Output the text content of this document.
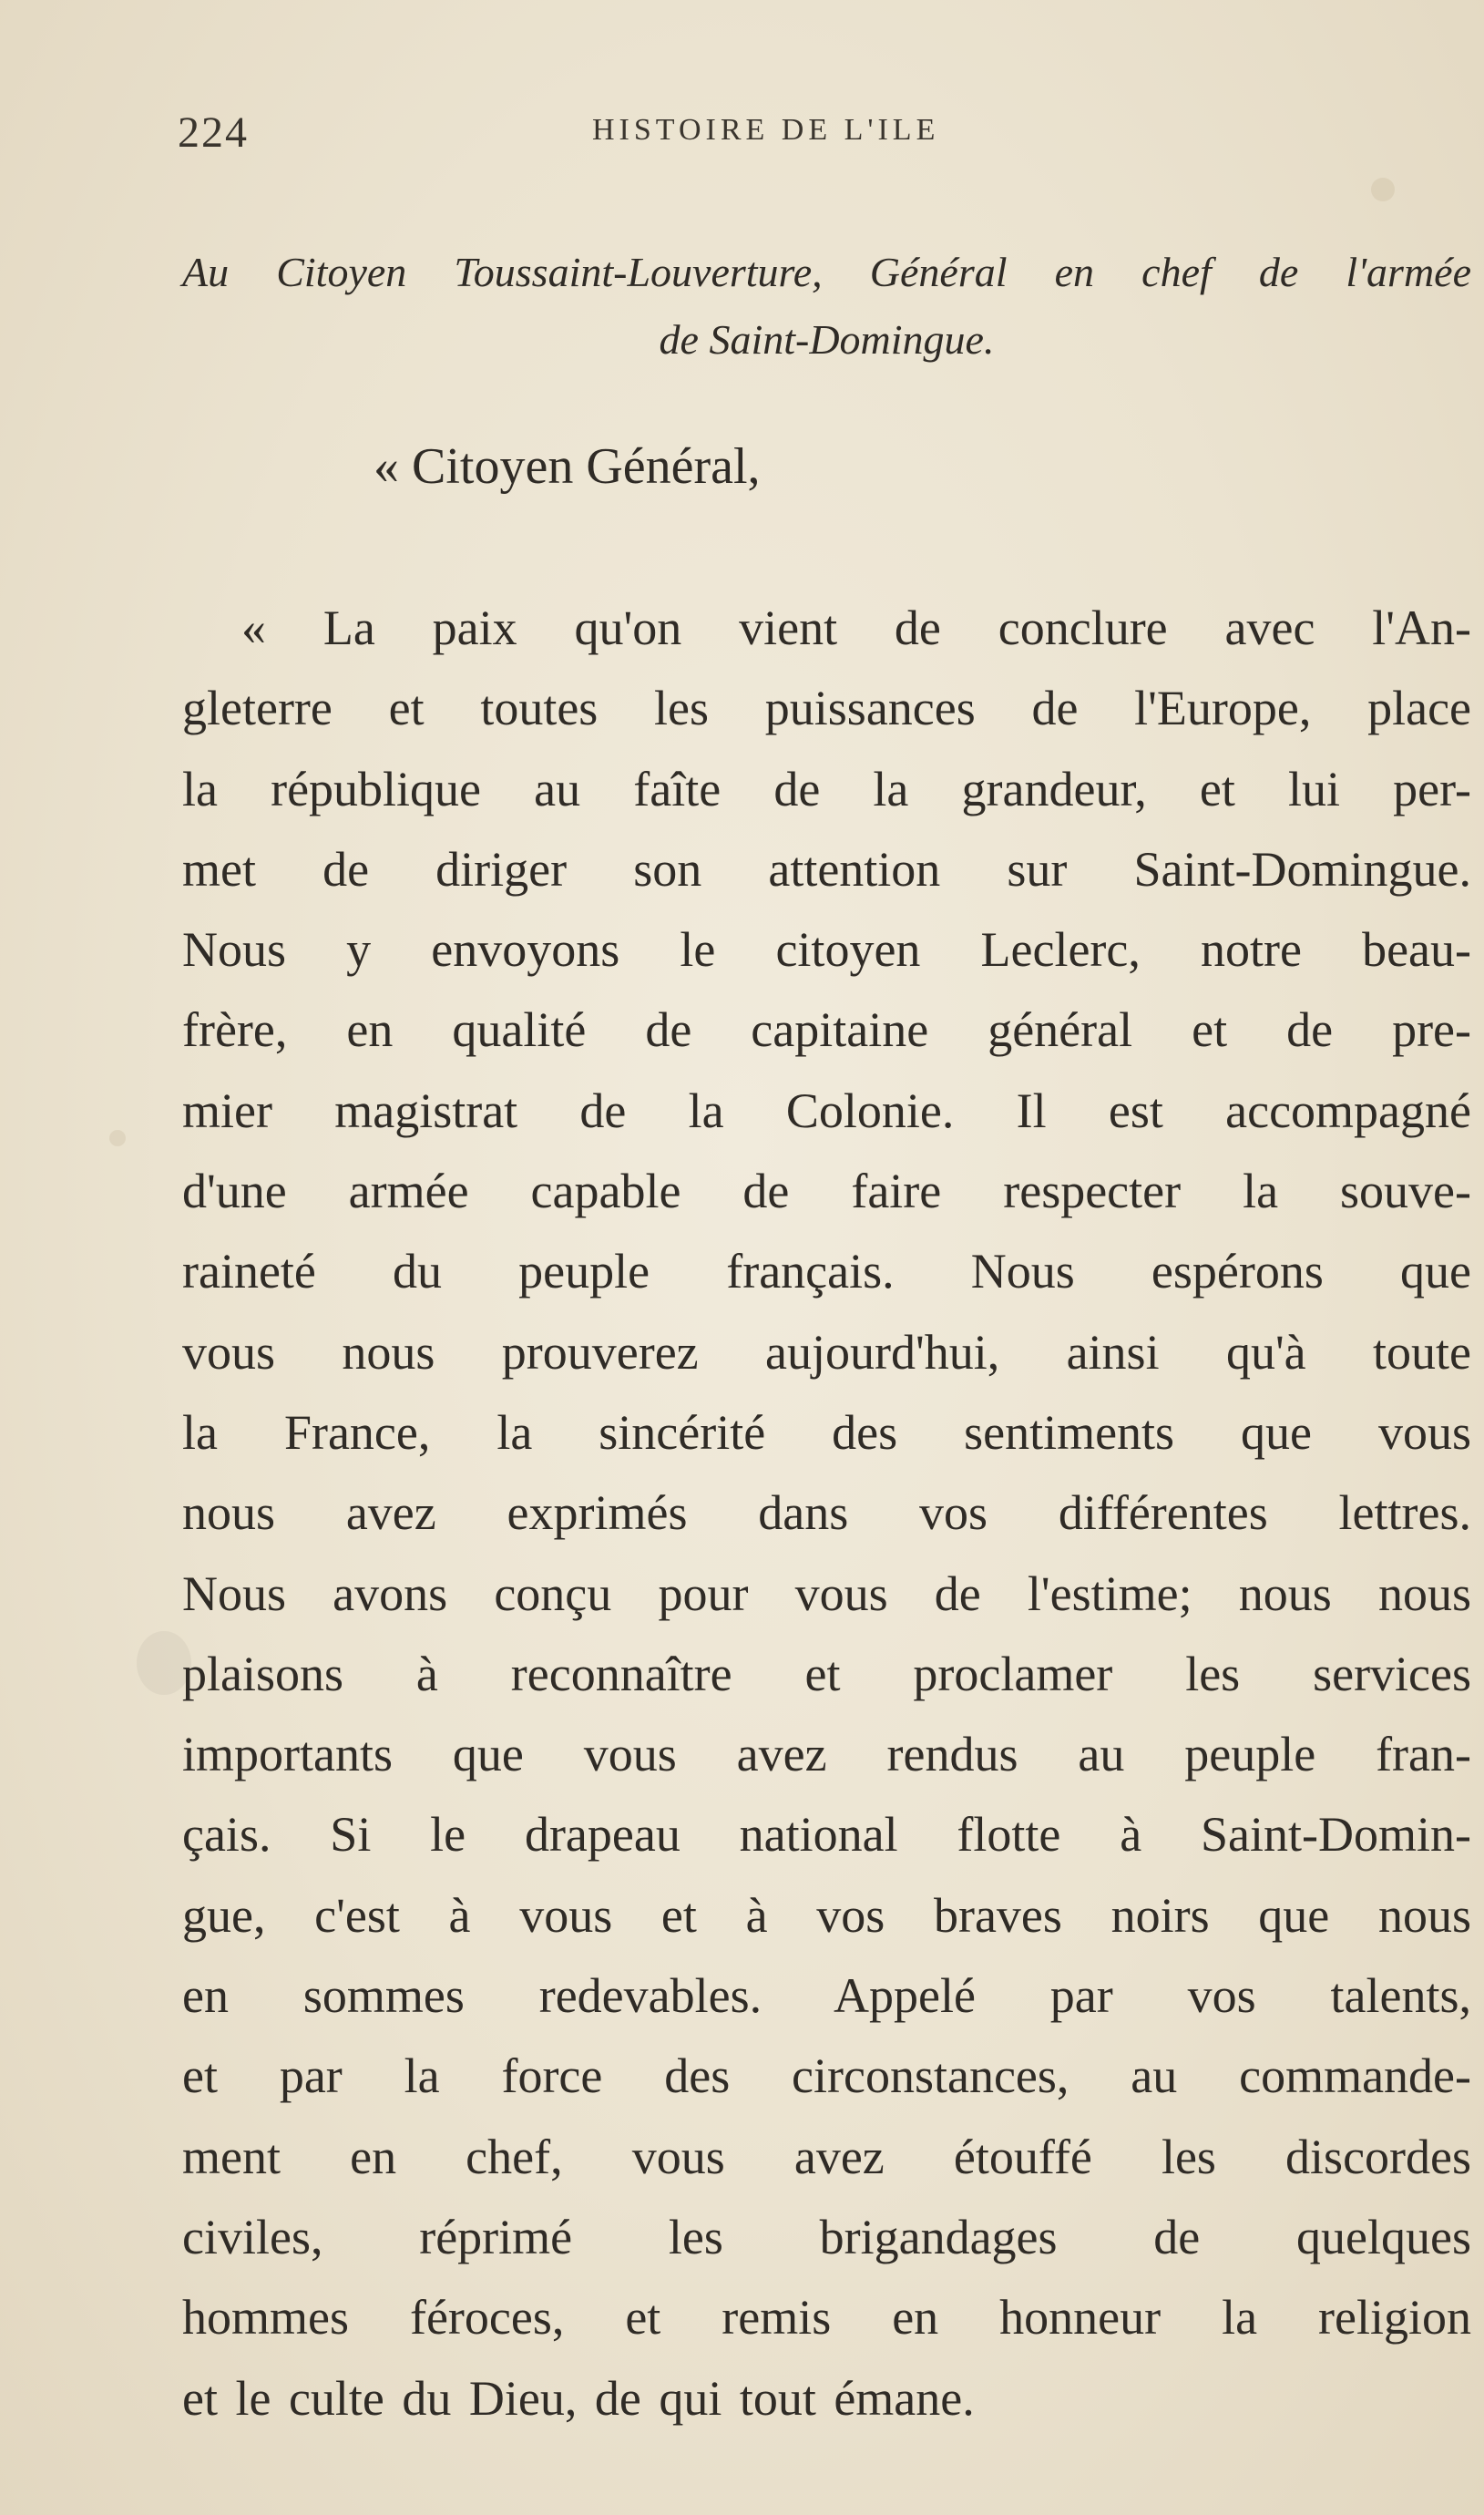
224	HISTOIRE DE L'ILE
Au Citoyen Toussaint-Louverture, Général en chef de l'armée
de Saint-Domingue.
« Citoyen Général,
« La paix qu'on vient de conclure avec l'An-
gleterre et toutes les puissances de l'Europe, place
la république au faîte de la grandeur, et lui per-
met de diriger son attention sur Saint-Domingue.
Nous y envoyons le citoyen Leclerc, notre beau-
frère, en qualité de capitaine général et de pre-
mier magistrat de la Colonie. Il est accompagné
d'une armée capable de faire respecter la souve-
raineté du peuple français. Nous espérons que
vous nous prouverez aujourd'hui, ainsi qu'à toute
la France, la sincérité des sentiments que vous
nous avez exprimés dans vos différentes lettres.
Nous avons conçu pour vous de l'estime; nous nous
plaisons à reconnaître et proclamer les services
importants que vous avez rendus au peuple fran-
çais. Si le drapeau national flotte à Saint-Domin-
gue, c'est à vous et à vos braves noirs que nous
en sommes redevables. Appelé par vos talents,
et par la force des circonstances, au commande-
ment en chef, vous avez étouffé les discordes
civiles, réprimé les brigandages de quelques
hommes féroces, et remis en honneur la religion
et le culte du Dieu, de qui tout émane.
